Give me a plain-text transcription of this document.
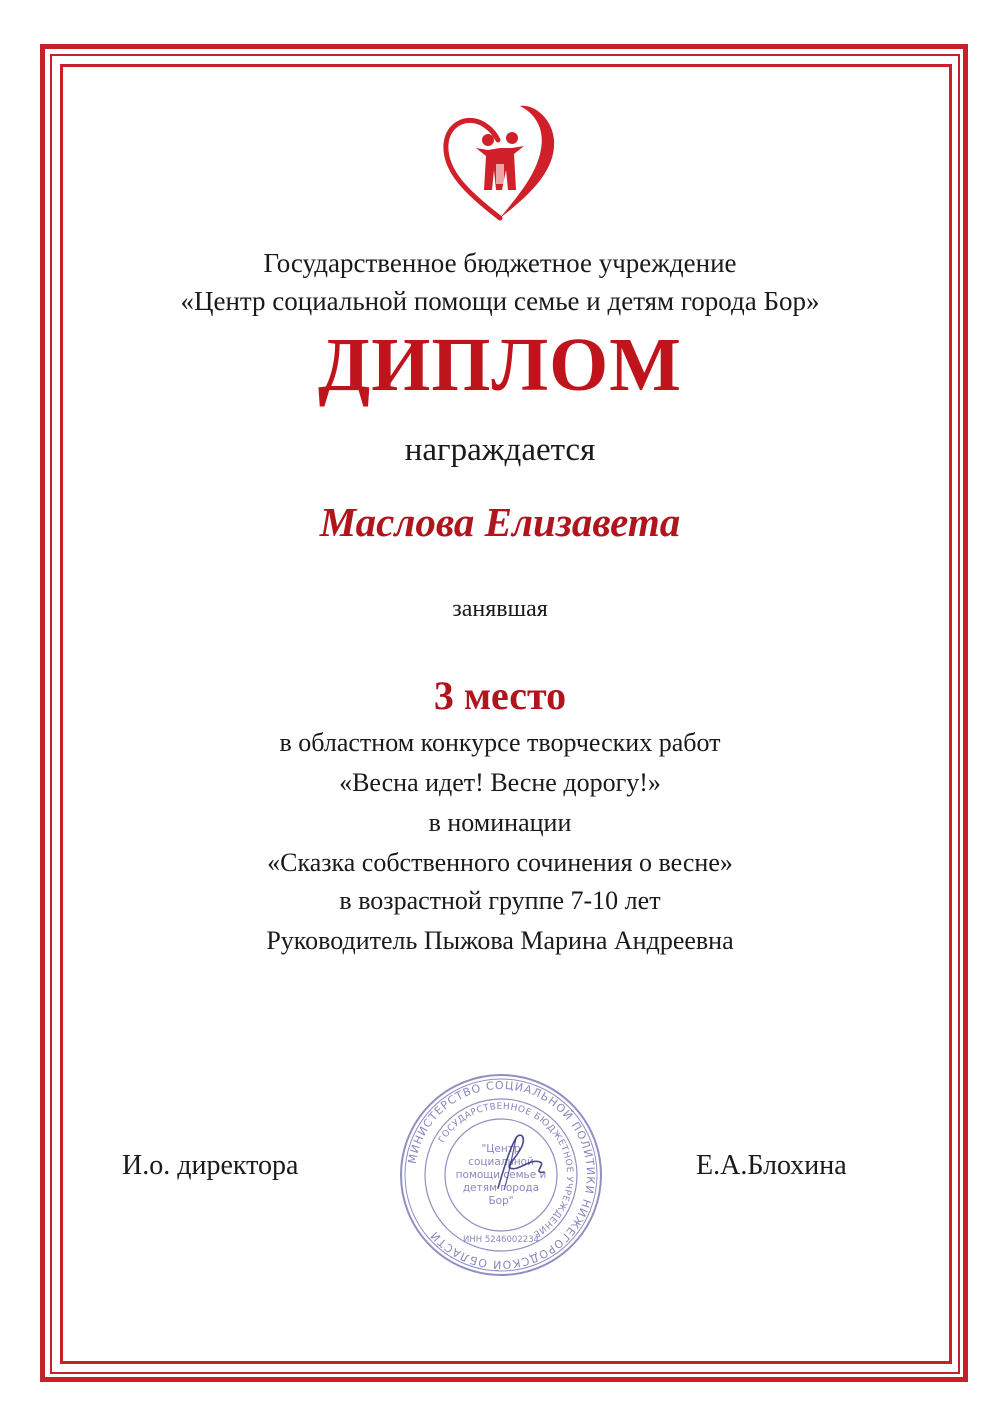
Государственное бюджетное учреждение
«Центр социальной помощи семье и детям города Бор»
ДИПЛОМ
награждается
Маслова Елизавета
занявшая
3 место
в областном конкурсе творческих работ
«Весна идет! Весне дорогу!»
в номинации
«Сказка собственного сочинения о весне»
в возрастной группе 7-10 лет
Руководитель Пыжова Марина Андреевна
И.о. директора	Е.А.Блохина
МИНИСТЕРСТВО СОЦИАЛЬНОЙ ПОЛИТИКИ НИЖЕГОРОДСКОЙ ОБЛАСТИ
ГОСУДАРСТВЕННОЕ БЮДЖЕТНОЕ УЧРЕЖДЕНИЕ
"Центр
социальной
помощи семье и
детям города
Бор"
ИНН 5246002234
